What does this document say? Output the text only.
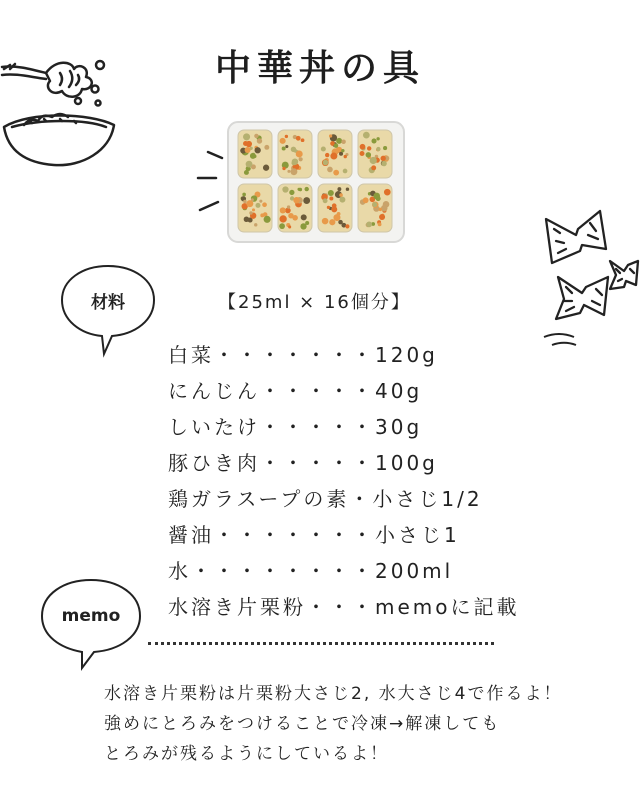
中華丼の具
材料
memo
【25ml × 16個分】
白菜・・・・・・・120g
にんじん・・・・・40g
しいたけ・・・・・30g
豚ひき肉・・・・・100g
鶏ガラスープの素・小さじ1/2
醤油・・・・・・・小さじ1
水・・・・・・・・200ml
水溶き片栗粉・・・memoに記載
水溶き片栗粉は片栗粉大さじ2, 水大さじ4で作るよ！
強めにとろみをつけることで冷凍→解凍しても
とろみが残るようにしているよ！
